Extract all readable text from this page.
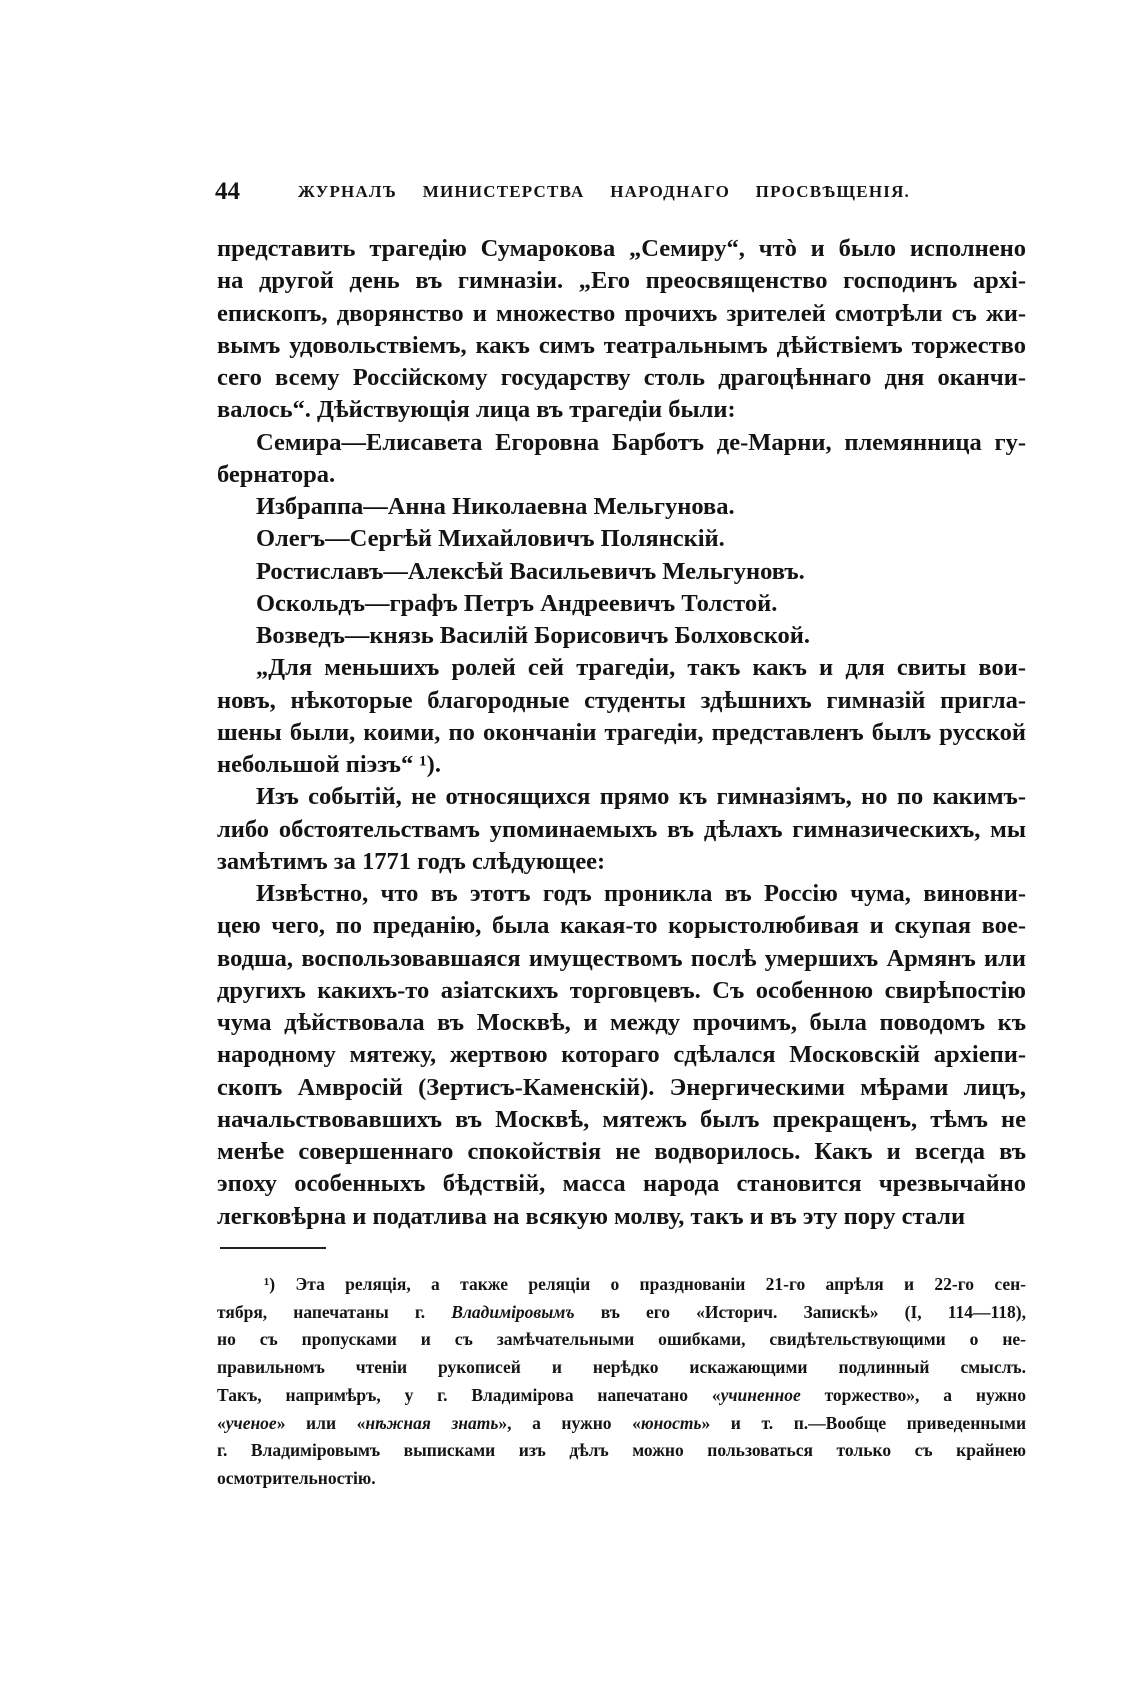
44	ЖУРНАЛЪ МИНИСТЕРСТВА НАРОДНАГО ПРОСВѢЩЕНІЯ.
представить трагедію Сумарокова „Семиру“, чтò и было исполнено
на другой день въ гимназіи. „Его преосвященство господинъ архі-
епископъ, дворянство и множество прочихъ зрителей смотрѣли съ жи-
вымъ удовольствіемъ, какъ симъ театральнымъ дѣйствіемъ торжество
сего всему Россійскому государству столь драгоцѣннаго дня оканчи-
валось“. Дѣйствующія лица въ трагедіи были:
Семира—Елисавета Егоровна Барботъ де-Марни, племянница гу-
бернатора.
Избраппа—Анна Николаевна Мельгунова.
Олегъ—Сергѣй Михайловичъ Полянскій.
Ростиславъ—Алексѣй Васильевичъ Мельгуновъ.
Оскольдъ—графъ Петръ Андреевичъ Толстой.
Возведъ—князь Василій Борисовичъ Болховской.
„Для меньшихъ ролей сей трагедіи, такъ какъ и для свиты вои-
новъ, нѣкоторые благородные студенты здѣшнихъ гимназій пригла-
шены были, коими, по окончаніи трагедіи, представленъ былъ русской
небольшой піэзъ“ ¹).
Изъ событій, не относящихся прямо къ гимназіямъ, но по какимъ-
либо обстоятельствамъ упоминаемыхъ въ дѣлахъ гимназическихъ, мы
замѣтимъ за 1771 годъ слѣдующее:
Извѣстно, что въ этотъ годъ проникла въ Россію чума, виновни-
цею чего, по преданію, была какая-то корыстолюбивая и скупая вое-
водша, воспользовавшаяся имуществомъ послѣ умершихъ Армянъ или
другихъ какихъ-то азіатскихъ торговцевъ. Съ особенною свирѣпостію
чума дѣйствовала въ Москвѣ, и между прочимъ, была поводомъ къ
народному мятежу, жертвою котораго сдѣлался Московскій архіепи-
скопъ Амвросій (Зертисъ-Каменскій). Энергическими мѣрами лицъ,
начальствовавшихъ въ Москвѣ, мятежъ былъ прекращенъ, тѣмъ не
менѣе совершеннаго спокойствія не водворилось. Какъ и всегда въ
эпоху особенныхъ бѣдствій, масса народа становится чрезвычайно
легковѣрна и податлива на всякую молву, такъ и въ эту пору стали
¹) Эта реляція, а также реляціи о празднованіи 21-го апрѣля и 22-го сен-
тября, напечатаны г. Владиміровымъ въ его «Историч. Запискѣ» (I, 114—118),
но съ пропусками и съ замѣчательными ошибками, свидѣтельствующими о не-
правильномъ чтеніи рукописей и нерѣдко искажающими подлинный смыслъ.
Такъ, напримѣръ, у г. Владимірова напечатано «учиненное торжество», а нужно
«ученое» или «нѣжная знать», а нужно «юность» и т. п.—Вообще приведенными
г. Владиміровымъ выписками изъ дѣлъ можно пользоваться только съ крайнею
осмотрительностію.
